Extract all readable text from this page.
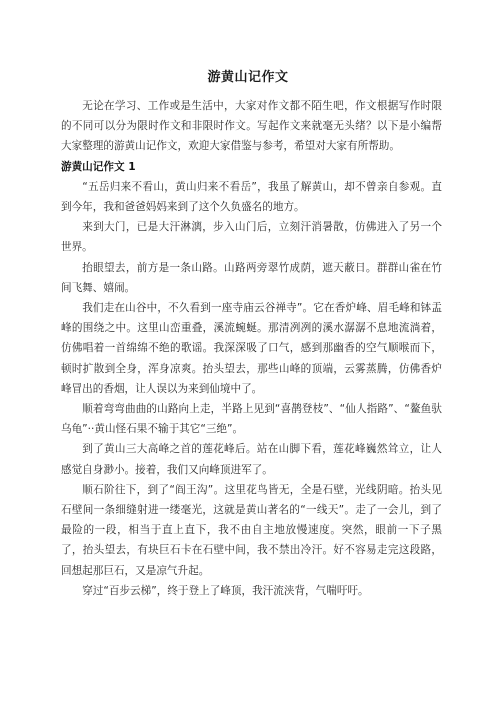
游黄山记作文

无论在学习、工作或是生活中，大家对作文都不陌生吧，作文根据写作时限的不同可以分为限时作文和非限时作文。写起作文来就毫无头绪？以下是小编帮大家整理的游黄山记作文，欢迎大家借鉴与参考，希望对大家有所帮助。

游黄山记作文 1

“五岳归来不看山，黄山归来不看岳”，我虽了解黄山，却不曾亲自参观。直到今年，我和爸爸妈妈来到了这个久负盛名的地方。

来到大门，已是大汗淋漓，步入山门后，立刻汗消暑散，仿佛进入了另一个世界。

抬眼望去，前方是一条山路。山路两旁翠竹成荫，遮天蔽日。群群山雀在竹间飞舞、嬉闹。

我们走在山谷中，不久看到一座寺庙云谷禅寺”。它在香炉峰、眉毛峰和钵盂峰的围绕之中。这里山峦重叠，溪流蜿蜒。那清冽冽的溪水潺潺不息地流淌着，仿佛唱着一首绵绵不绝的歌谣。我深深吸了口气，感到那幽香的空气顺喉而下，顿时扩散到全身，浑身凉爽。抬头望去，那些山峰的顶端，云雾蒸腾，仿佛香炉峰冒出的香烟，让人误以为来到仙境中了。

顺着弯弯曲曲的山路向上走，半路上见到“喜鹊登枝”、“仙人指路”、“鳌鱼驮乌龟”··黄山怪石果不输于其它“三绝”。

到了黄山三大高峰之首的莲花峰后。站在山脚下看，莲花峰巍然耸立，让人感觉自身渺小。接着，我们又向峰顶进军了。

顺石阶往下，到了“阎王沟”。这里花鸟皆无，全是石壁，光线阴暗。抬头见石壁间一条细缝射进一缕毫光，这就是黄山著名的“一线天”。走了一会儿，到了最险的一段，相当于直上直下，我不由自主地放慢速度。突然，眼前一下子黑了，抬头望去，有块巨石卡在石壁中间，我不禁出冷汗。好不容易走完这段路，回想起那巨石，又是凉气升起。

穿过“百步云梯”，终于登上了峰顶，我汗流浃背，气喘吁吁。
